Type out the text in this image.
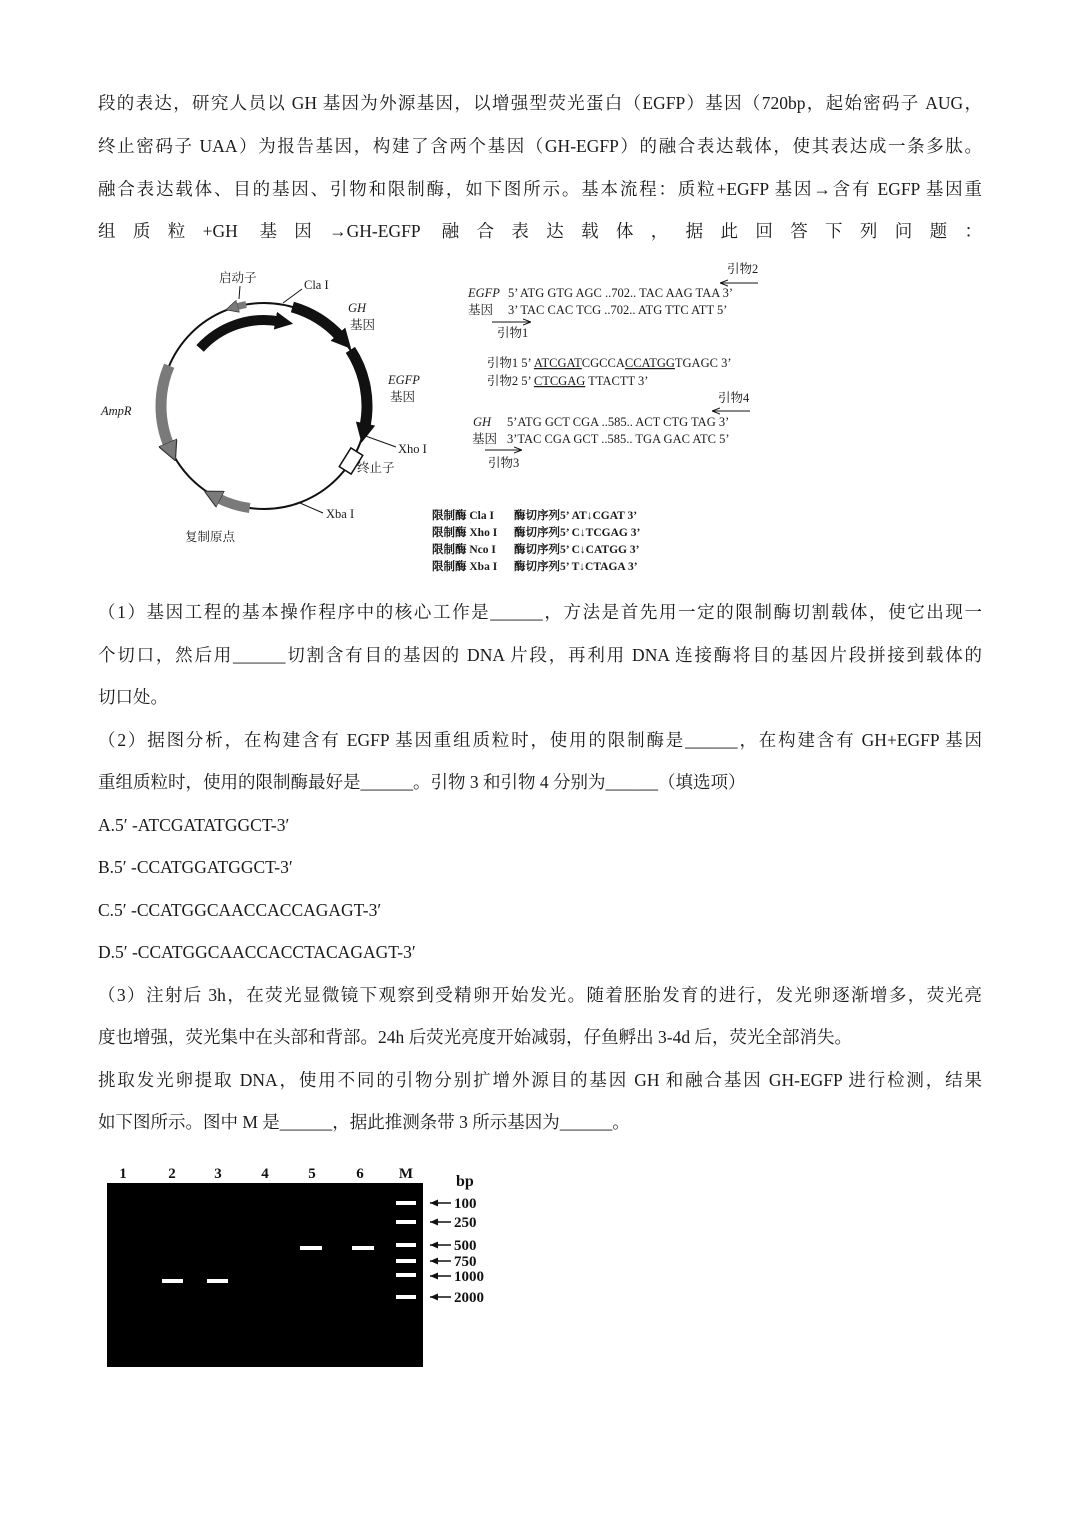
段的表达，研究人员以 GH 基因为外源基因，以增强型荧光蛋白（EGFP）基因（720bp，起始密码子 AUG，
终止密码子 UAA）为报告基因，构建了含两个基因（GH-EGFP）的融合表达载体，使其表达成一条多肽。
融合表达载体、目的基因、引物和限制酶，如下图所示。基本流程：质粒+EGFP 基因→含有 EGFP 基因重
组质粒+GH 基因→GH-EGFP 融合表达载体，据此回答下列问题：
启动子	Cla I
GH
基因
EGFP
基因
Xho I
终止子
Xba I
复制原点
AmpR
引物2
EGFP 5’ ATG GTG AGC ..702.. TAC AAG TAA 3’
基因 3’ TAC CAC TCG ..702.. ATG TTC ATT 5’
引物1
引物1 5’ ATCGATCGCCACCATGGTGAGC 3’
引物2 5’ CTCGAG TTACTT 3’
引物4
GH 5’ATG GCT CGA ..585.. ACT CTG TAG 3’
基因 3’TAC CGA GCT ..585.. TGA GAC ATC 5’
引物3
限制酶 Cla I 酶切序列5’ AT↓CGAT 3’
限制酶 Xho I 酶切序列5’ C↓TCGAG 3’
限制酶 Nco I 酶切序列5’ C↓CATGG 3’
限制酶 Xba I 酶切序列5’ T↓CTAGA 3’
（1）基因工程的基本操作程序中的核心工作是______，方法是首先用一定的限制酶切割载体，使它出现一
个切口，然后用______切割含有目的基因的 DNA 片段，再利用 DNA 连接酶将目的基因片段拼接到载体的
切口处。
（2）据图分析，在构建含有 EGFP 基因重组质粒时，使用的限制酶是______，在构建含有 GH+EGFP 基因
重组质粒时，使用的限制酶最好是______。引物 3 和引物 4 分别为______（填选项）
A.5′ -ATCGATATGGCT-3′
B.5′ -CCATGGATGGCT-3′
C.5′ -CCATGGCAACCACCAGAGT-3′
D.5′ -CCATGGCAACCACCTACAGAGT-3′
（3）注射后 3h，在荧光显微镜下观察到受精卵开始发光。随着胚胎发育的进行，发光卵逐渐增多，荧光亮
度也增强，荧光集中在头部和背部。24h 后荧光亮度开始减弱，仔鱼孵出 3-4d 后，荧光全部消失。
挑取发光卵提取 DNA，使用不同的引物分别扩增外源目的基因 GH 和融合基因 GH-EGFP 进行检测，结果
如下图所示。图中 M 是______，据此推测条带 3 所示基因为______。
1	2	3	4	5	6 M	bp
100
250
500
750
1000
2000
